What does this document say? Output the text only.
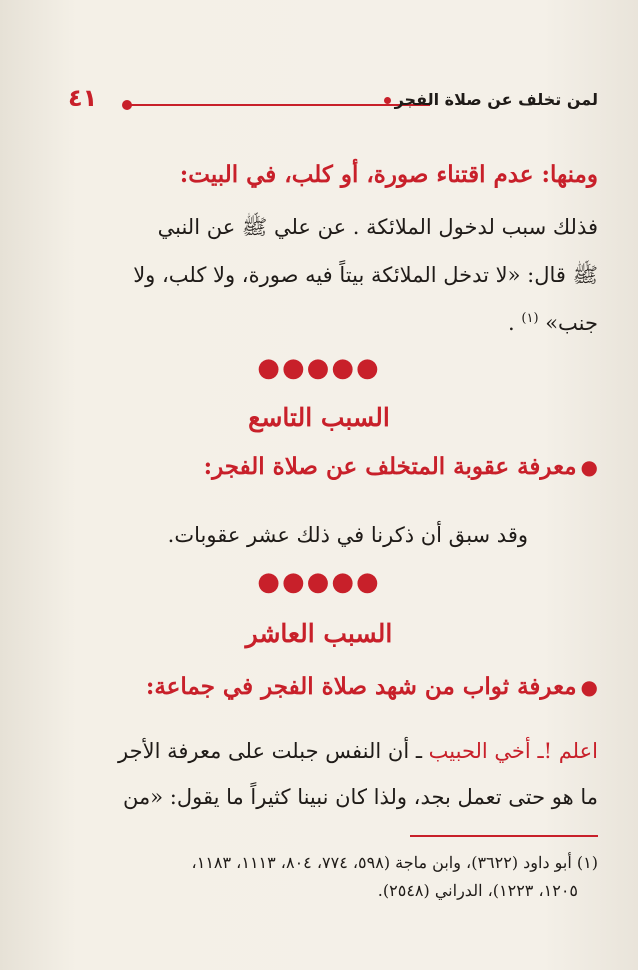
٤١	لمن تخلف عن صلاة الفجر
ومنها: عدم اقتناء صورة، أو كلب، في البيت:
فذلك سبب لدخول الملائكة . عن علي ﷺ عن النبي
ﷺ قال: «لا تدخل الملائكة بيتاً فيه صورة، ولا كلب، ولا
جنب» $^{(١)}$ .
●●●●●
السبب التاسع
●معرفة عقوبة المتخلف عن صلاة الفجر:
وقد سبق أن ذكرنا في ذلك عشر عقوبات.
●●●●●
السبب العاشر
●معرفة ثواب من شهد صلاة الفجر في جماعة:
اعلم !ـ أخي الحبيب ـ أن النفس جبلت على معرفة الأجر
ما هو حتى تعمل بجد، ولذا كان نبينا كثيراً ما يقول: «من
(١) أبو داود (٣٦٢٢)، وابن ماجة (٥٩٨، ٧٧٤، ٨٠٤، ١١١٣، ١١٨٣،
١٢٠٥، ١٢٢٣)، الدراني (٢٥٤٨).
